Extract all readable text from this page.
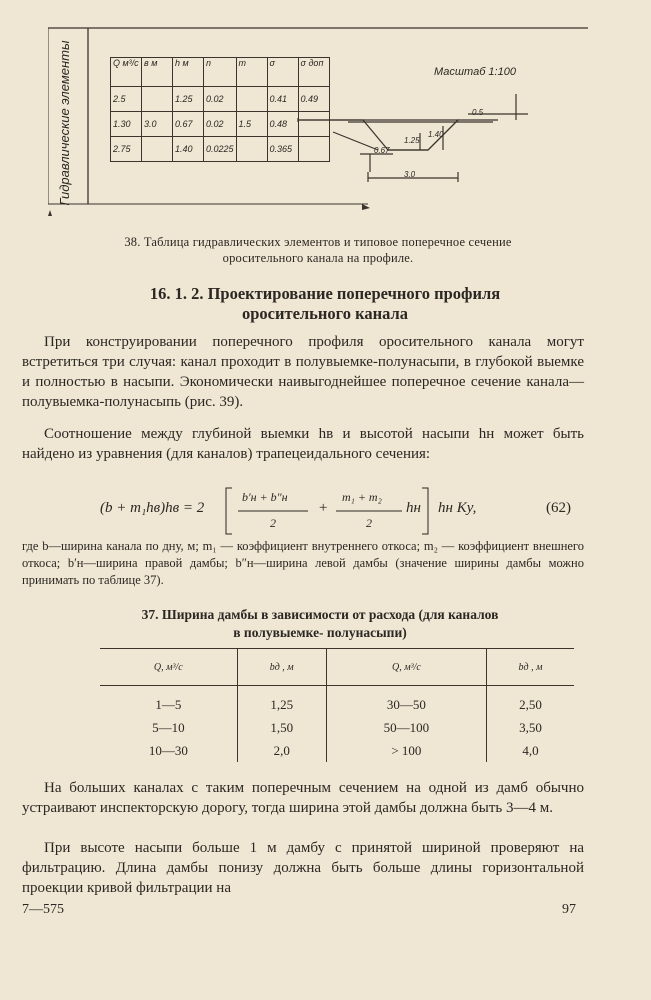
Гидравлические элементы	Q м³/с	в м	h м	n	m	σ	σ доп
2.5		1.25	0.02		0.41	0.49
1.30	3.0	0.67	0.02	1.5	0.48	
2.75		1.40	0.0225		0.365	
Масштаб 1:100
0.5
1.25
1.40
0.67
3.0
38. Таблица гидравлических элементов и типовое поперечное сечение
оросительного канала на профиле.
16. 1. 2. Проектирование поперечного профиля
оросительного канала
При конструировании поперечного профиля оросительного канала могут встретиться три случая: канал проходит в полувыемке-полунасыпи, в глубокой выемке и полностью в насыпи. Экономически наивыгоднейшее поперечное сечение канала—полувыемка-полунасыпь (рис. 39).
Соотношение между глубиной выемки hв и высотой насыпи hн может быть найдено из уравнения (для каналов) трапецеидального сечения:
(b + m₁hв)hв = 2
b′н + b″н
2
+
m₁ + m₂
2
hн hн Kу,	(62)
где b—ширина канала по дну, м; m₁ — коэффициент внутреннего откоса; m₂ — коэффициент внешнего откоса; b′н—ширина правой дамбы; b″н—ширина левой дамбы (значение ширины дамбы можно принимать по таблице 37).
37. Ширина дамбы в зависимости от расхода (для каналов
в полувыемке- полунасыпи)
Q, м³/с	bд , м	Q, м³/с	bд , м
1—5	1,25	30—50	2,50
5—10	1,50	50—100	3,50
10—30	2,0	> 100	4,0
На больших каналах с таким поперечным сечением на одной из дамб обычно устраивают инспекторскую дорогу, тогда ширина этой дамбы должна быть 3—4 м.
При высоте насыпи больше 1 м дамбу с принятой шириной проверяют на фильтрацию. Длина дамбы понизу должна быть больше длины горизонтальной проекции кривой фильтрации на
7—575	97
